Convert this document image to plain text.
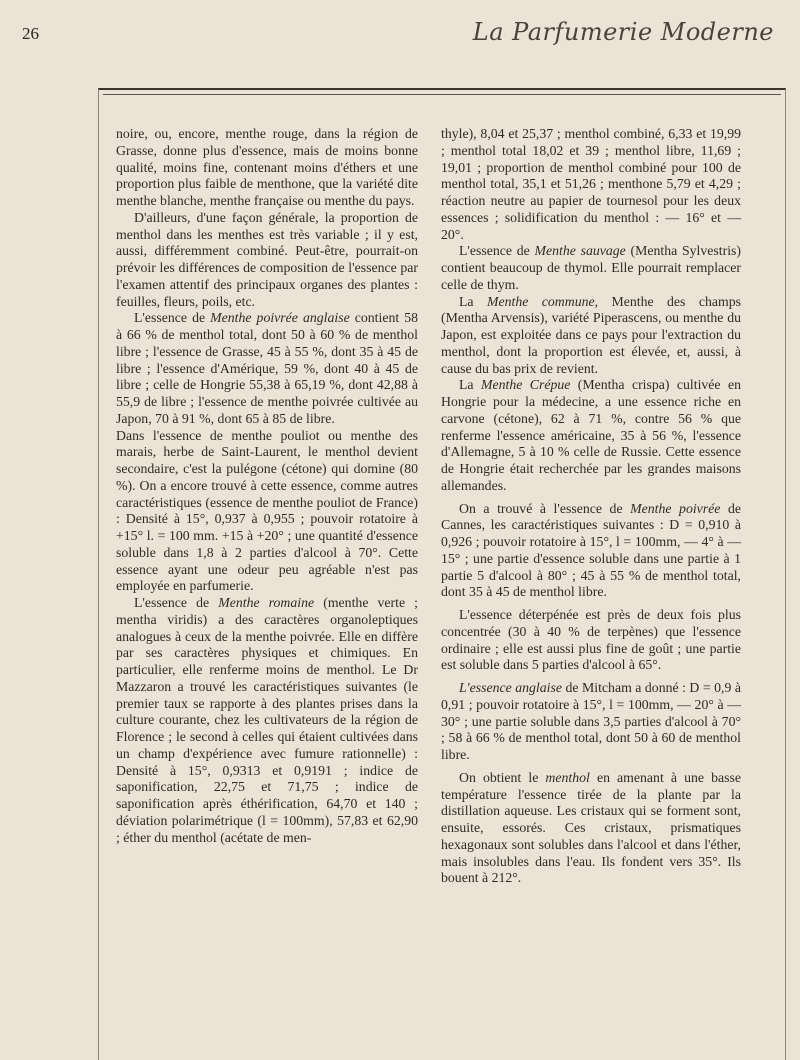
26	La Parfumerie Moderne

noire, ou, encore, menthe rouge, dans la région de Grasse, donne plus d'essence, mais de moins bonne qualité, moins fine, contenant moins d'éthers et une proportion plus faible de menthone, que la variété dite menthe blanche, menthe française ou menthe du pays.

D'ailleurs, d'une façon générale, la proportion de menthol dans les menthes est très variable ; il y est, aussi, différemment combiné. Peut-être, pourrait-on prévoir les différences de composition de l'essence par l'examen attentif des principaux organes des plantes : feuilles, fleurs, poils, etc.

L'essence de Menthe poivrée anglaise contient 58 à 66 % de menthol total, dont 50 à 60 % de menthol libre ; l'essence de Grasse, 45 à 55 %, dont 35 à 45 de libre ; l'essence d'Amérique, 59 %, dont 40 à 45 de libre ; celle de Hongrie 55,38 à 65,19 %, dont 42,88 à 55,9 de libre ; l'essence de menthe poivrée cultivée au Japon, 70 à 91 %, dont 65 à 85 de libre.

Dans l'essence de menthe pouliot ou menthe des marais, herbe de Saint-Laurent, le menthol devient secondaire, c'est la pulégone (cétone) qui domine (80 %). On a encore trouvé à cette essence, comme autres caractéristiques (essence de menthe pouliot de France) : Densité à 15°, 0,937 à 0,955 ; pouvoir rotatoire à +15° l. = 100 mm. +15 à +20° ; une quantité d'essence soluble dans 1,8 à 2 parties d'alcool à 70°. Cette essence ayant une odeur peu agréable n'est pas employée en parfumerie.

L'essence de Menthe romaine (menthe verte ; mentha viridis) a des caractères organoleptiques analogues à ceux de la menthe poivrée. Elle en diffère par ses caractères physiques et chimiques. En particulier, elle renferme moins de menthol. Le Dr Mazzaron a trouvé les caractéristiques suivantes (le premier taux se rapporte à des plantes prises dans la culture courante, chez les cultivateurs de la région de Florence ; le second à celles qui étaient cultivées dans un champ d'expérience avec fumure rationnelle) : Densité à 15°, 0,9313 et 0,9191 ; indice de saponification, 22,75 et 71,75 ; indice de saponification après éthérification, 64,70 et 140 ; déviation polarimétrique (l = 100mm), 57,83 et 62,90 ; éther du menthol (acétate de men-

thyle), 8,04 et 25,37 ; menthol combiné, 6,33 et 19,99 ; menthol total 18,02 et 39 ; menthol libre, 11,69 ; 19,01 ; proportion de menthol combiné pour 100 de menthol total, 35,1 et 51,26 ; menthone 5,79 et 4,29 ; réaction neutre au papier de tournesol pour les deux essences ; solidification du menthol : — 16° et — 20°.

L'essence de Menthe sauvage (Mentha Sylvestris) contient beaucoup de thymol. Elle pourrait remplacer celle de thym.

La Menthe commune, Menthe des champs (Mentha Arvensis), variété Piperascens, ou menthe du Japon, est exploitée dans ce pays pour l'extraction du menthol, dont la proportion est élevée, et, aussi, à cause du bas prix de revient.

La Menthe Crépue (Mentha crispa) cultivée en Hongrie pour la médecine, a une essence riche en carvone (cétone), 62 à 71 %, contre 56 % que renferme l'essence américaine, 35 à 56 %, l'essence d'Allemagne, 5 à 10 % celle de Russie. Cette essence de Hongrie était recherchée par les grandes maisons allemandes.

On a trouvé à l'essence de Menthe poivrée de Cannes, les caractéristiques suivantes : D = 0,910 à 0,926 ; pouvoir rotatoire à 15°, l = 100mm, — 4° à — 15° ; une partie d'essence soluble dans une partie à 1 partie 5 d'alcool à 80° ; 45 à 55 % de menthol total, dont 35 à 45 de menthol libre.

L'essence déterpénée est près de deux fois plus concentrée (30 à 40 % de terpènes) que l'essence ordinaire ; elle est aussi plus fine de goût ; une partie est soluble dans 5 parties d'alcool à 65°.

L'essence anglaise de Mitcham a donné : D = 0,9 à 0,91 ; pouvoir rotatoire à 15°, l = 100mm, — 20° à — 30° ; une partie soluble dans 3,5 parties d'alcool à 70° ; 58 à 66 % de menthol total, dont 50 à 60 de menthol libre.

On obtient le menthol en amenant à une basse température l'essence tirée de la plante par la distillation aqueuse. Les cristaux qui se forment sont, ensuite, essorés. Ces cristaux, prismatiques hexagonaux sont solubles dans l'alcool et dans l'éther, mais insolubles dans l'eau. Ils fondent vers 35°. Ils bouent à 212°.
